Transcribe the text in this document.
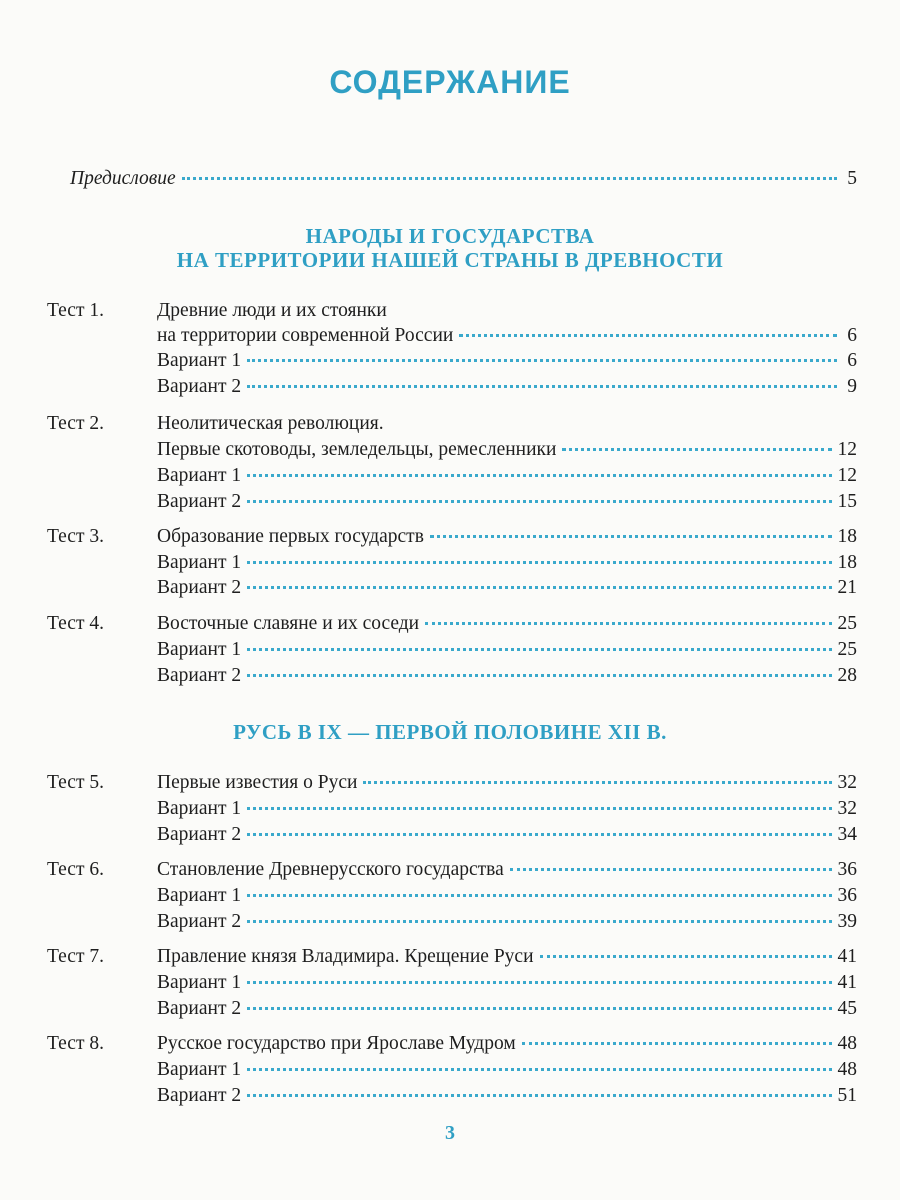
СОДЕРЖАНИЕ
Предисловие	5
НАРОДЫ И ГОСУДАРСТВА
НА ТЕРРИТОРИИ НАШЕЙ СТРАНЫ В ДРЕВНОСТИ
Тест 1.	Древние люди и их стоянки
на территории современной России	6
Вариант 1	6
Вариант 2	9
Тест 2.	Неолитическая революция.
Первые скотоводы, земледельцы, ремесленники	12
Вариант 1	12
Вариант 2	15
Тест 3.	Образование первых государств	18
Вариант 1	18
Вариант 2	21
Тест 4.	Восточные славяне и их соседи	25
Вариант 1	25
Вариант 2	28
РУСЬ В IX — ПЕРВОЙ ПОЛОВИНЕ XII В.
Тест 5.	Первые известия о Руси	32
Вариант 1	32
Вариант 2	34
Тест 6.	Становление Древнерусского государства	36
Вариант 1	36
Вариант 2	39
Тест 7.	Правление князя Владимира. Крещение Руси	41
Вариант 1	41
Вариант 2	45
Тест 8.	Русское государство при Ярославе Мудром	48
Вариант 1	48
Вариант 2	51
3
